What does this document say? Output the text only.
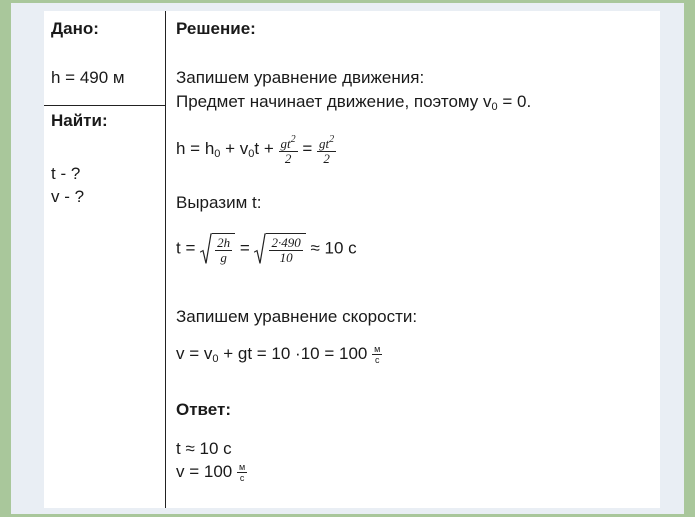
Дано:
h = 490 м
Найти:
t - ?
v - ?
Решение:
Запишем уравнение движения:
Предмет начинает движение, поэтому $v_0 = 0$.
$h = h_0 + v_0t + \frac{gt^2}{2} = \frac{gt^2}{2}$
Выразим t:
$t = \frac{2h}{g} = \frac{2\cdot 490}{10} \approx 10$ с
Запишем уравнение скорости:
$v = v_0$ + gt = $10 \cdot 10 = 100 \frac{м}{с}$
Ответ:
t ≈ 10 с
$v = 100 \frac{м}{с}$
